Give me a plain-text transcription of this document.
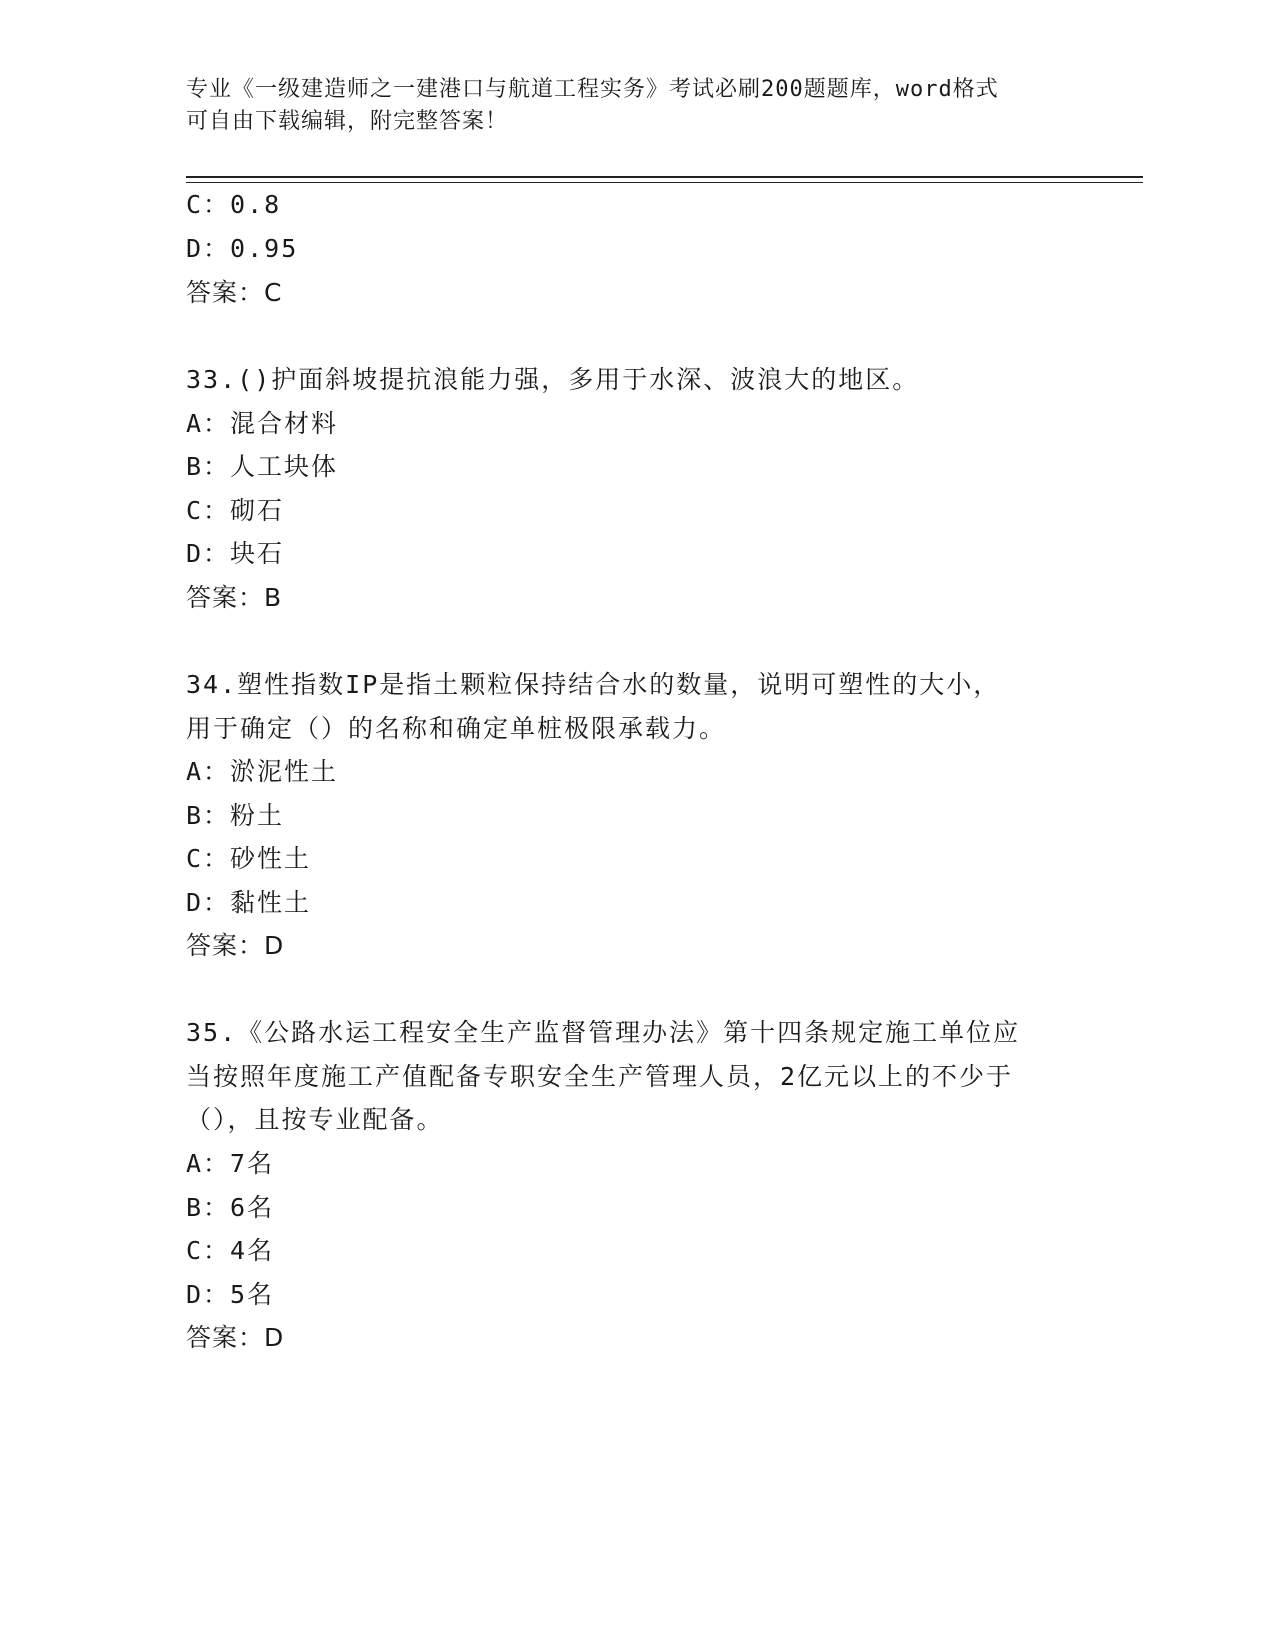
专业《一级建造师之一建港口与航道工程实务》考试必刷200题题库，word格式
可自由下载编辑，附完整答案！
C：0.8
D：0.95
答案：C
33.()护面斜坡提抗浪能力强，多用于水深、波浪大的地区。
A：混合材料
B：人工块体
C：砌石
D：块石
答案：B
34.塑性指数IP是指土颗粒保持结合水的数量，说明可塑性的大小，
用于确定（）的名称和确定单桩极限承载力。
A：淤泥性土
B：粉土
C：砂性土
D：黏性土
答案：D
35.《公路水运工程安全生产监督管理办法》第十四条规定施工单位应
当按照年度施工产值配备专职安全生产管理人员，2亿元以上的不少于
（），且按专业配备。
A：7名
B：6名
C：4名
D：5名
答案：D
